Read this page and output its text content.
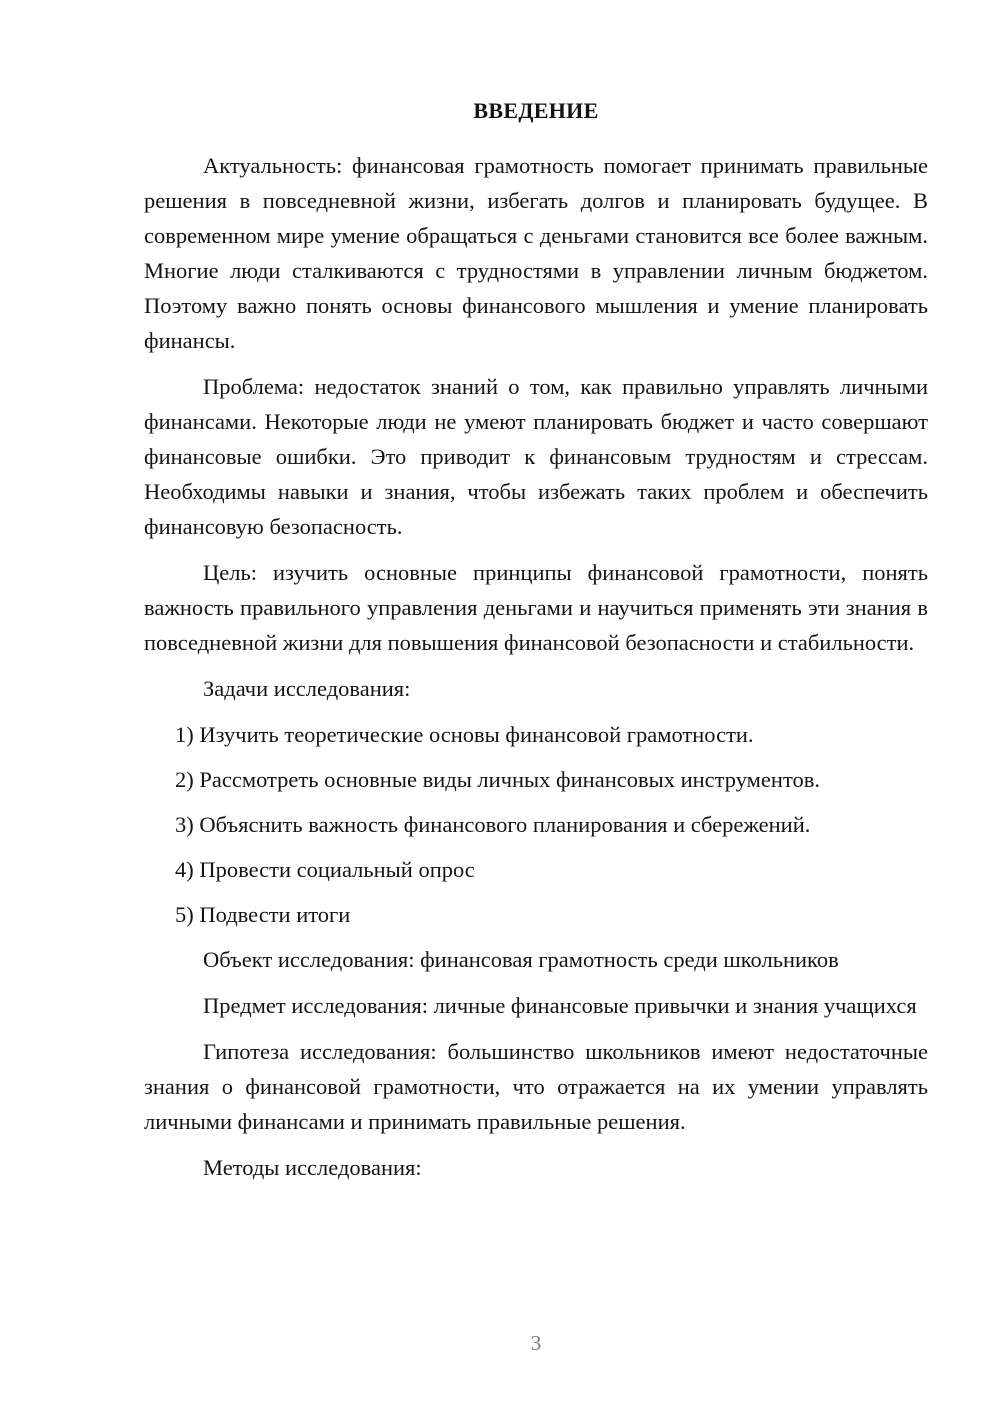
ВВЕДЕНИЕ

Актуальность: финансовая грамотность помогает принимать правильные решения в повседневной жизни, избегать долгов и планировать будущее. В современном мире умение обращаться с деньгами становится все более важным. Многие люди сталкиваются с трудностями в управлении личным бюджетом. Поэтому важно понять основы финансового мышления и умение планировать финансы.

Проблема: недостаток знаний о том, как правильно управлять личными финансами. Некоторые люди не умеют планировать бюджет и часто совершают финансовые ошибки. Это приводит к финансовым трудностям и стрессам. Необходимы навыки и знания, чтобы избежать таких проблем и обеспечить финансовую безопасность.

Цель: изучить основные принципы финансовой грамотности, понять важность правильного управления деньгами и научиться применять эти знания в повседневной жизни для повышения финансовой безопасности и стабильности.

Задачи исследования:

1) Изучить теоретические основы финансовой грамотности.
2) Рассмотреть основные виды личных финансовых инструментов.
3) Объяснить важность финансового планирования и сбережений.
4) Провести социальный опрос
5) Подвести итоги

Объект исследования: финансовая грамотность среди школьников

Предмет исследования: личные финансовые привычки и знания учащихся

Гипотеза исследования: большинство школьников имеют недостаточные знания о финансовой грамотности, что отражается на их умении управлять личными финансами и принимать правильные решения.

Методы исследования:

3
